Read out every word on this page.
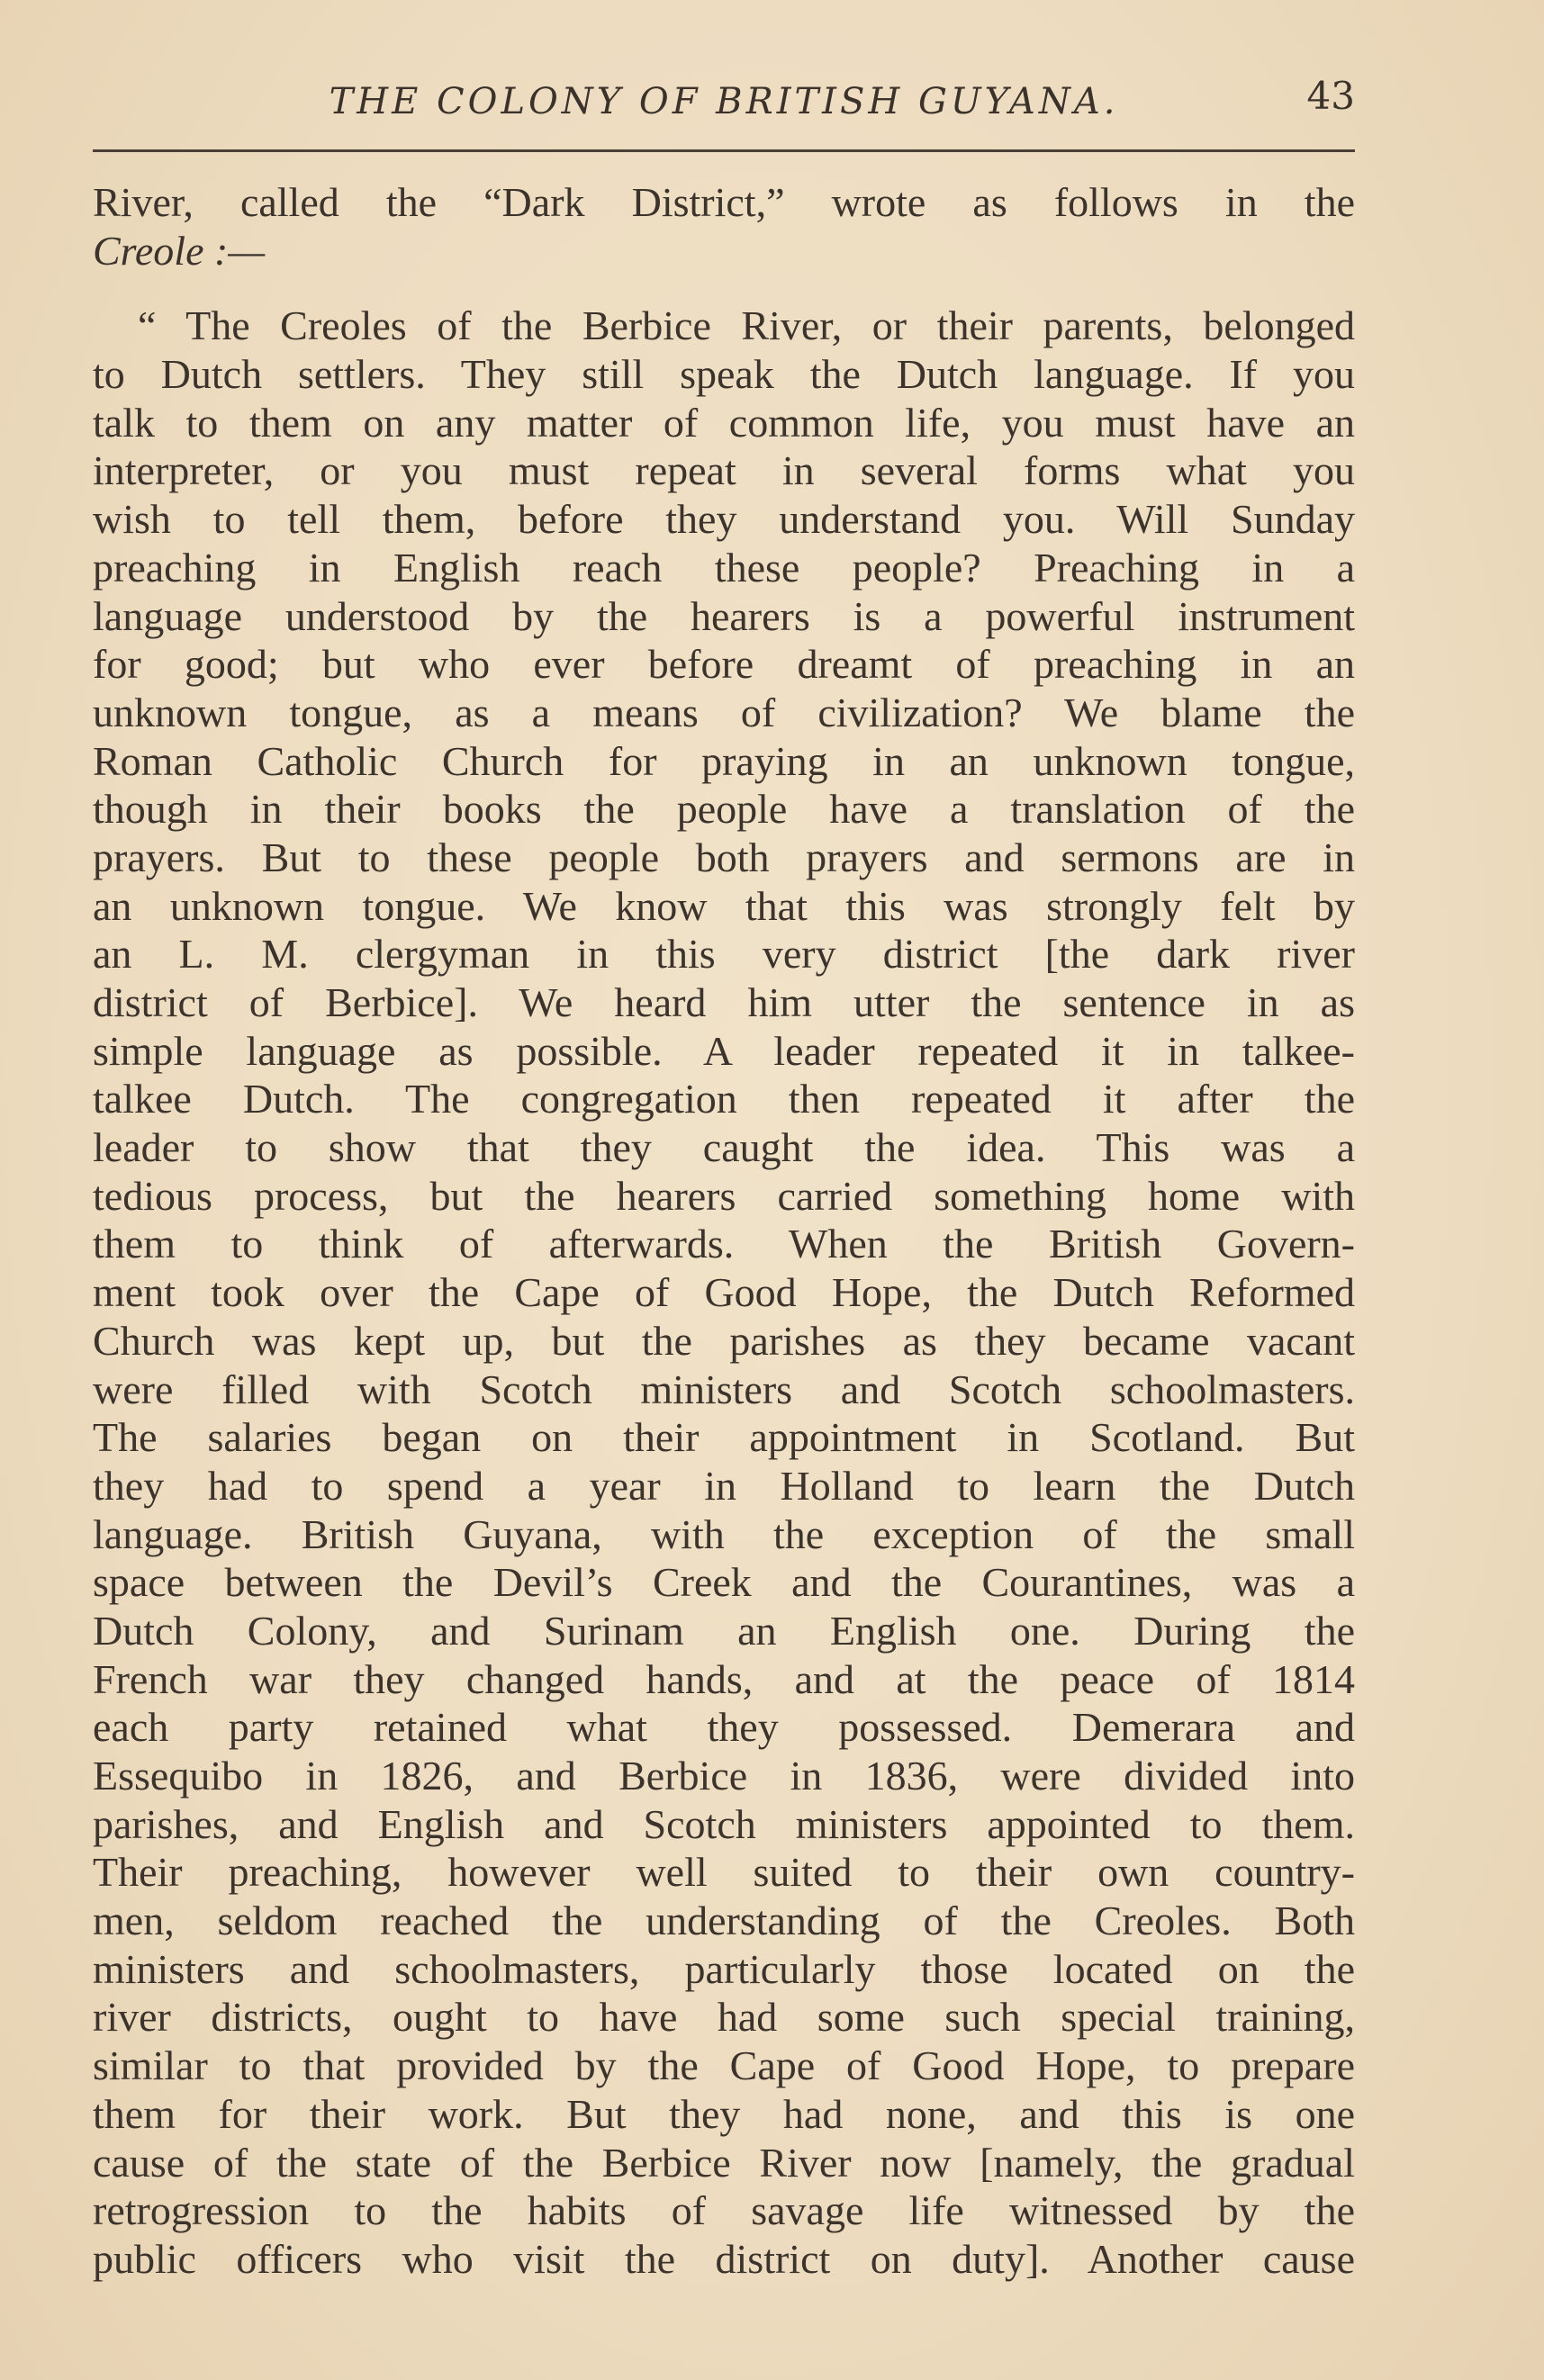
THE COLONY OF BRITISH GUYANA.	43
River, called the “Dark District,” wrote as follows in the
Creole :—
“ The Creoles of the Berbice River, or their parents, belonged
to Dutch settlers. They still speak the Dutch language. If you
talk to them on any matter of common life, you must have an
interpreter, or you must repeat in several forms what you
wish to tell them, before they understand you. Will Sunday
preaching in English reach these people? Preaching in a
language understood by the hearers is a powerful instrument
for good; but who ever before dreamt of preaching in an
unknown tongue, as a means of civilization? We blame the
Roman Catholic Church for praying in an unknown tongue,
though in their books the people have a translation of the
prayers. But to these people both prayers and sermons are in
an unknown tongue. We know that this was strongly felt by
an L. M. clergyman in this very district [the dark river
district of Berbice]. We heard him utter the sentence in as
simple language as possible. A leader repeated it in talkee-
talkee Dutch. The congregation then repeated it after the
leader to show that they caught the idea. This was a
tedious process, but the hearers carried something home with
them to think of afterwards. When the British Govern-
ment took over the Cape of Good Hope, the Dutch Reformed
Church was kept up, but the parishes as they became vacant
were filled with Scotch ministers and Scotch schoolmasters.
The salaries began on their appointment in Scotland. But
they had to spend a year in Holland to learn the Dutch
language. British Guyana, with the exception of the small
space between the Devil’s Creek and the Courantines, was a
Dutch Colony, and Surinam an English one. During the
French war they changed hands, and at the peace of 1814
each party retained what they possessed. Demerara and
Essequibo in 1826, and Berbice in 1836, were divided into
parishes, and English and Scotch ministers appointed to them.
Their preaching, however well suited to their own country-
men, seldom reached the understanding of the Creoles. Both
ministers and schoolmasters, particularly those located on the
river districts, ought to have had some such special training,
similar to that provided by the Cape of Good Hope, to prepare
them for their work. But they had none, and this is one
cause of the state of the Berbice River now [namely, the gradual
retrogression to the habits of savage life witnessed by the
public officers who visit the district on duty]. Another cause
